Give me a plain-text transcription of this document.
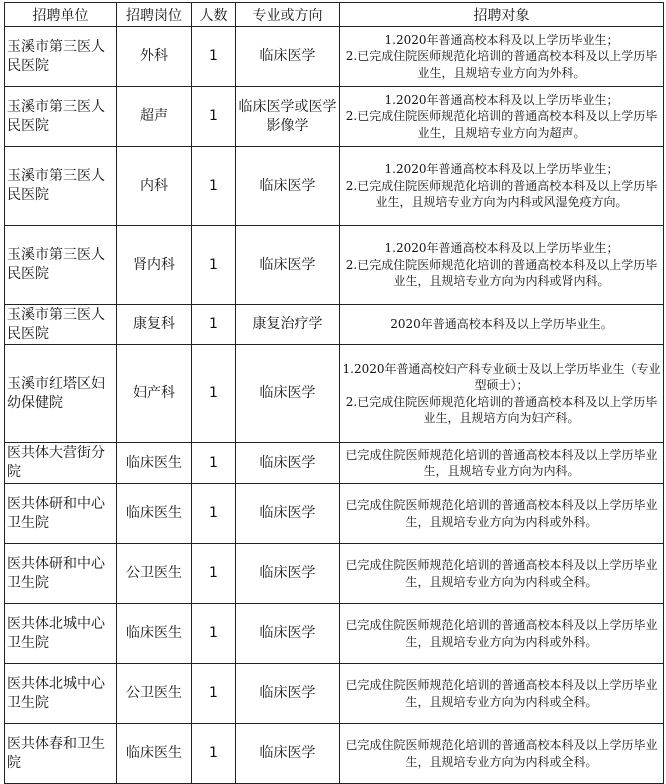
招聘单位	招聘岗位	人数	专业或方向	招聘对象
玉溪市第三医人民医院	外科	1	临床医学	1.2020年普通高校本科及以上学历毕业生；
2.已完成住院医师规范化培训的普通高校本科及以上学历毕业生，且规培专业方向为外科。

玉溪市第三医人民医院	超声	1	临床医学或医学影像学	1.2020年普通高校本科及以上学历毕业生；
2.已完成住院医师规范化培训的普通高校本科及以上学历毕业生，且规培专业方向为超声。

玉溪市第三医人民医院	内科	1	临床医学	1.2020年普通高校本科及以上学历毕业生；
2.已完成住院医师规范化培训的普通高校本科及以上学历毕业生，且规培专业方向为内科或风湿免疫方向。

玉溪市第三医人民医院	肾内科	1	临床医学	1.2020年普通高校本科及以上学历毕业生；
2.已完成住院医师规范化培训的普通高校本科及以上学历毕业生，且规培专业方向为内科或肾内科。

玉溪市第三医人民医院	康复科	1	康复治疗学	2020年普通高校本科及以上学历毕业生。

玉溪市红塔区妇幼保健院	妇产科	1	临床医学	1.2020年普通高校妇产科专业硕士及以上学历毕业生（专业型硕士）；
2.已完成住院医师规范化培训的普通高校本科及以上学历毕业生，且规培方向为妇产科。

医共体大营街分院	临床医生	1	临床医学	已完成住院医师规范化培训的普通高校本科及以上学历毕业生，且规培专业方向为内科。

医共体研和中心卫生院	临床医生	1	临床医学	已完成住院医师规范化培训的普通高校本科及以上学历毕业生，且规培专业方向为内科或外科。

医共体研和中心卫生院	公卫医生	1	临床医学	已完成住院医师规范化培训的普通高校本科及以上学历毕业生，且规培专业方向为内科或全科。

医共体北城中心卫生院	临床医生	1	临床医学	已完成住院医师规范化培训的普通高校本科及以上学历毕业生，且规培专业方向为内科或外科。

医共体北城中心卫生院	公卫医生	1	临床医学	已完成住院医师规范化培训的普通高校本科及以上学历毕业生，且规培专业方向为内科或全科。

医共体春和卫生院	临床医生	1	临床医学	已完成住院医师规范化培训的普通高校本科及以上学历毕业生，且规培专业方向为内科或全科。
